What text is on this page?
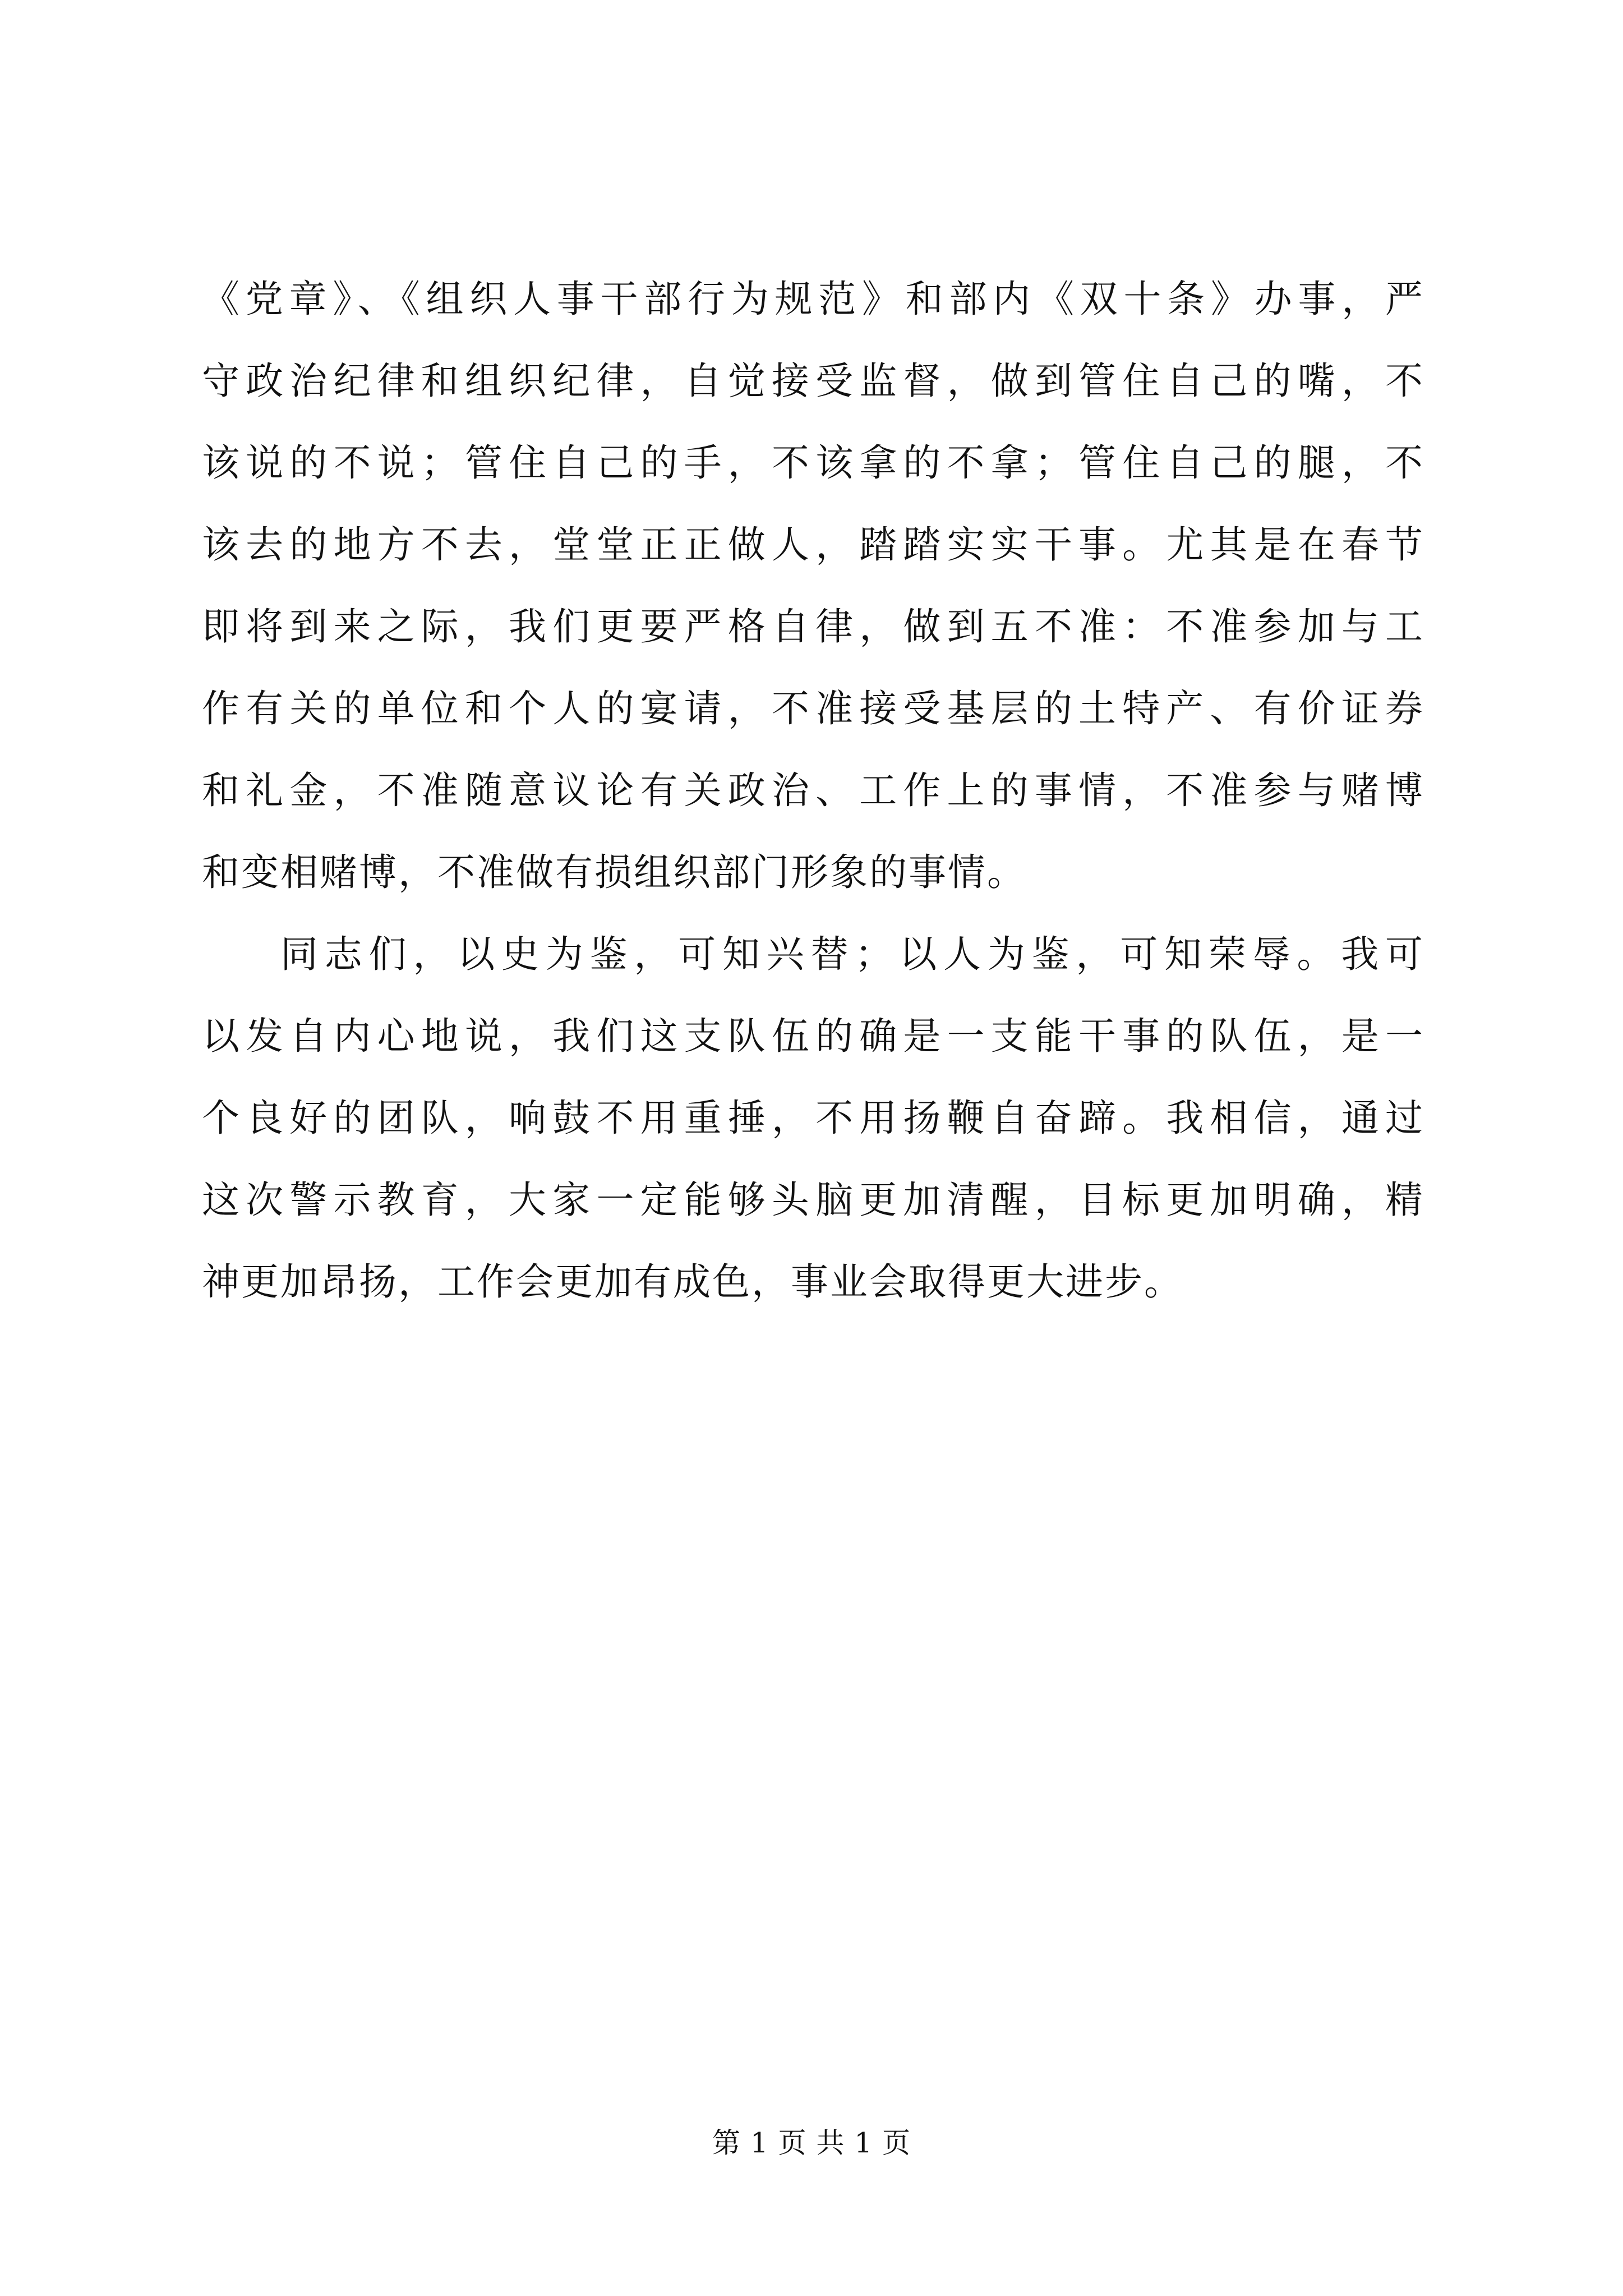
《党章》、《组织人事干部行为规范》和部内《双十条》办事，严
守政治纪律和组织纪律，自觉接受监督，做到管住自己的嘴，不
该说的不说；管住自己的手，不该拿的不拿；管住自己的腿，不
该去的地方不去，堂堂正正做人，踏踏实实干事。尤其是在春节
即将到来之际，我们更要严格自律，做到五不准：不准参加与工
作有关的单位和个人的宴请，不准接受基层的土特产、有价证券
和礼金，不准随意议论有关政治、工作上的事情，不准参与赌博
和变相赌博，不准做有损组织部门形象的事情。
同志们，以史为鉴，可知兴替；以人为鉴，可知荣辱。我可
以发自内心地说，我们这支队伍的确是一支能干事的队伍，是一
个良好的团队，响鼓不用重捶，不用扬鞭自奋蹄。我相信，通过
这次警示教育，大家一定能够头脑更加清醒，目标更加明确，精
神更加昂扬，工作会更加有成色，事业会取得更大进步。
第 1 页 共 1 页
